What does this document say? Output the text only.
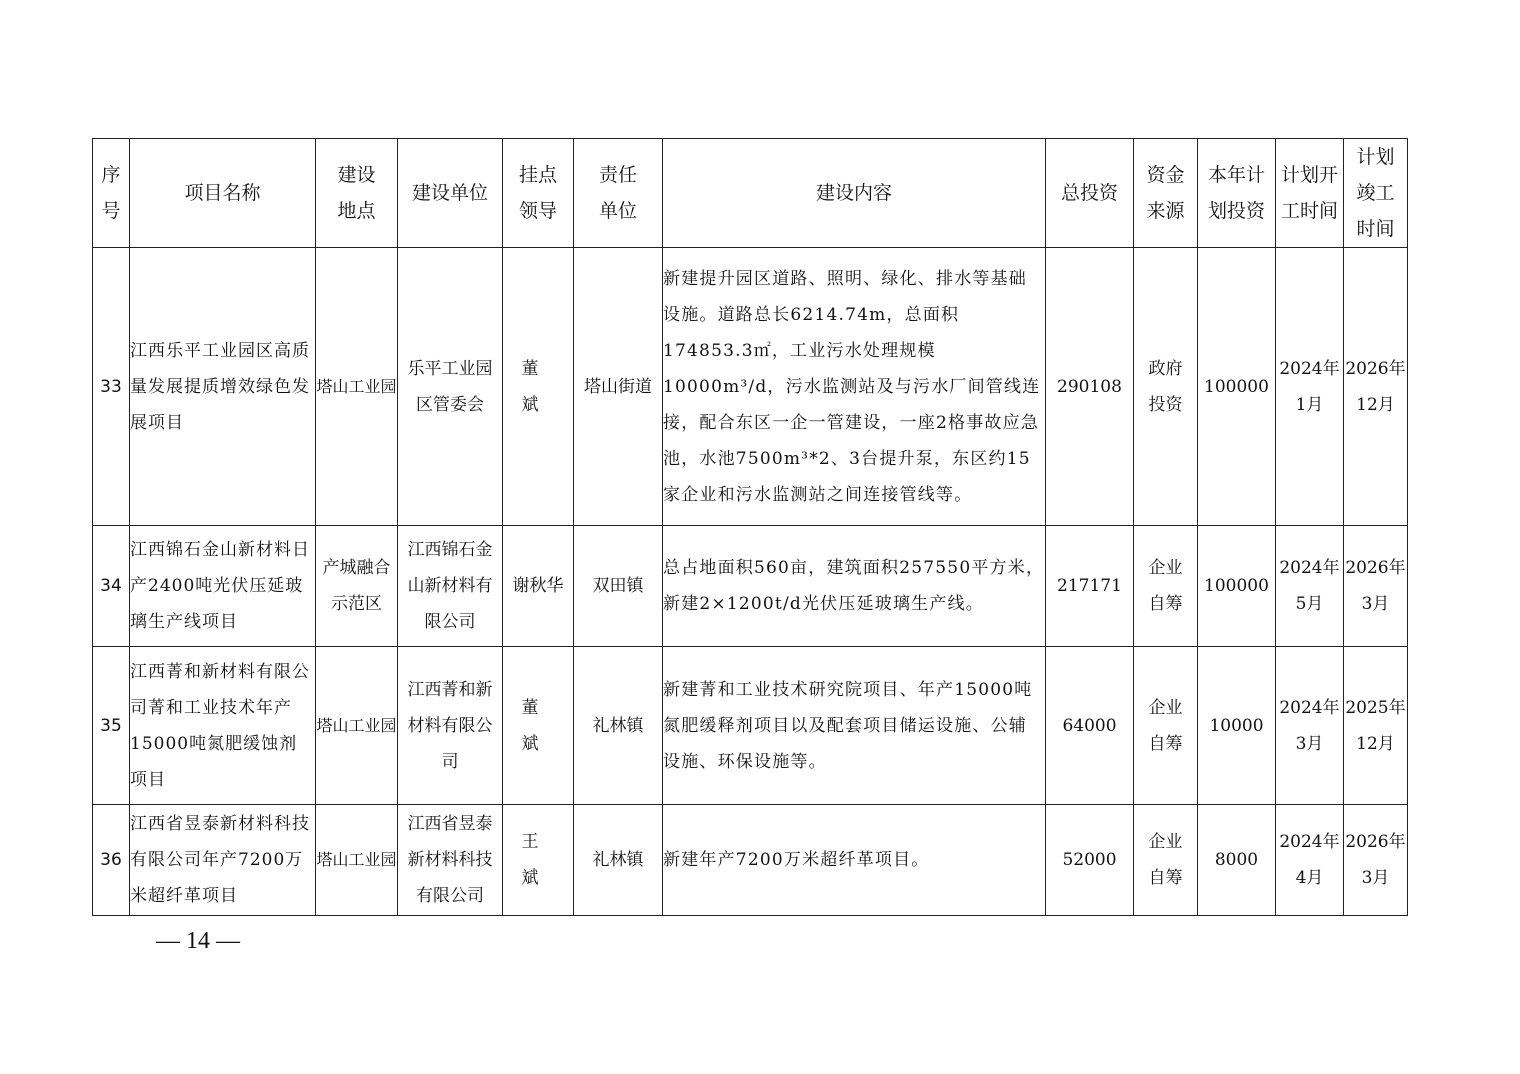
序号	项目名称	建设地点	建设单位	挂点领导	责任单位	建设内容	总投资	资金来源	本年计划投资	计划开工时间	计划竣工时间
33	江西乐平工业园区高质量发展提质增效绿色发展项目	塔山工业园	乐平工业园区管委会	董 斌	塔山街道	新建提升园区道路、照明、绿化、排水等基础设施。道路总长6214.74m，总面积174853.3㎡，工业污水处理规模10000m³/d，污水监测站及与污水厂间管线连接，配合东区一企一管建设，一座2格事故应急池，水池7500m³*2、3台提升泵，东区约15家企业和污水监测站之间连接管线等。	290108	政府投资	100000	2024年1月	2026年12月
34	江西锦石金山新材料日产2400吨光伏压延玻璃生产线项目	产城融合示范区	江西锦石金山新材料有限公司	谢秋华	双田镇	总占地面积560亩，建筑面积257550平方米，新建2×1200t/d光伏压延玻璃生产线。	217171	企业自筹	100000	2024年5月	2026年3月
35	江西菁和新材料有限公司菁和工业技术年产15000吨氮肥缓蚀剂项目	塔山工业园	江西菁和新材料有限公司	董 斌	礼林镇	新建菁和工业技术研究院项目、年产15000吨氮肥缓释剂项目以及配套项目储运设施、公辅设施、环保设施等。	64000	企业自筹	10000	2024年3月	2025年12月
36	江西省昱泰新材料科技有限公司年产7200万米超纤革项目	塔山工业园	江西省昱泰新材料科技有限公司	王 斌	礼林镇	新建年产7200万米超纤革项目。	52000	企业自筹	8000	2024年4月	2026年3月
— 14 —
